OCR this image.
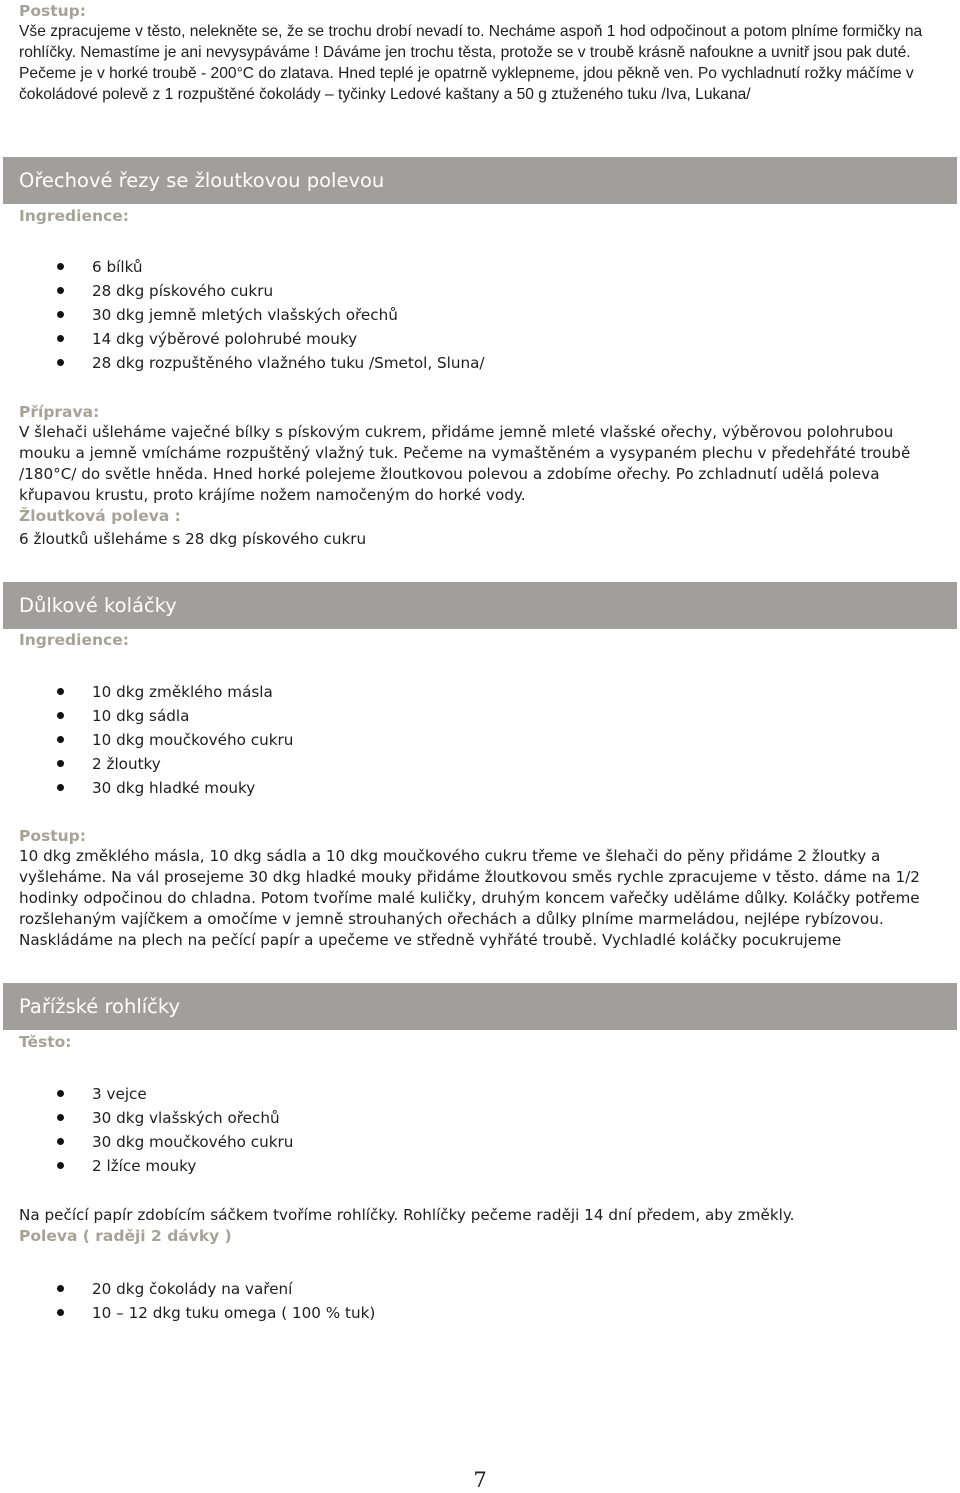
Postup:

Vše zpracujeme v těsto, nelekněte se, že se trochu drobí nevadí to. Necháme aspoň 1 hod odpočinout a potom plníme formičky na rohlíčky. Nemastíme je ani nevysypáváme ! Dáváme jen trochu těsta, protože se v troubě krásně nafoukne a uvnitř jsou pak duté. Pečeme je v horké troubě - 200°C do zlatava. Hned teplé je opatrně vyklepneme, jdou pěkně ven. Po vychladnutí rožky máčíme v čokoládové polevě z 1 rozpuštěné čokolády – tyčinky Ledové kaštany a 50 g ztuženého tuku /Iva, Lukana/

Ořechové řezy se žloutkovou polevou

Ingredience:

6 bílků
28 dkg pískového cukru
30 dkg jemně mletých vlašských ořechů
14 dkg výběrové polohrubé mouky
28 dkg rozpuštěného vlažného tuku /Smetol, Sluna/

Příprava:

V šlehači ušleháme vaječné bílky s pískovým cukrem, přidáme jemně mleté vlašské ořechy, výběrovou polohrubou mouku a jemně vmícháme rozpuštěný vlažný tuk. Pečeme na vymaštěném a vysypaném plechu v předehřáté troubě /180°C/ do světle hněda. Hned horké polejeme žloutkovou polevou a zdobíme ořechy. Po zchladnutí udělá poleva křupavou krustu, proto krájíme nožem namočeným do horké vody.

Žloutková poleva :

6 žloutků ušleháme s 28 dkg pískového cukru

Důlkové koláčky

Ingredience:

10 dkg změklého másla
10 dkg sádla
10 dkg moučkového cukru
2 žloutky
30 dkg hladké mouky

Postup:

10 dkg změklého másla, 10 dkg sádla a 10 dkg moučkového cukru třeme ve šlehači do pěny přidáme 2 žloutky a vyšleháme. Na vál prosejeme 30 dkg hladké mouky přidáme žloutkovou směs rychle zpracujeme v těsto. dáme na 1/2 hodinky odpočinou do chladna. Potom tvoříme malé kuličky, druhým koncem vařečky uděláme důlky. Koláčky potřeme rozšlehaným vajíčkem a omočíme v jemně strouhaných ořechách a důlky plníme marmeládou, nejlépe rybízovou. Naskládáme na plech na pečící papír a upečeme ve středně vyhřáté troubě. Vychladlé koláčky pocukrujeme

Pařížské rohlíčky

Těsto:

3 vejce
30 dkg vlašských ořechů
30 dkg moučkového cukru
2 lžíce mouky

Na pečící papír zdobícím sáčkem tvoříme rohlíčky. Rohlíčky pečeme raději 14 dní předem, aby změkly.

Poleva ( raději 2 dávky )

20 dkg čokolády na vaření
10 – 12 dkg tuku omega ( 100 % tuk)
7
